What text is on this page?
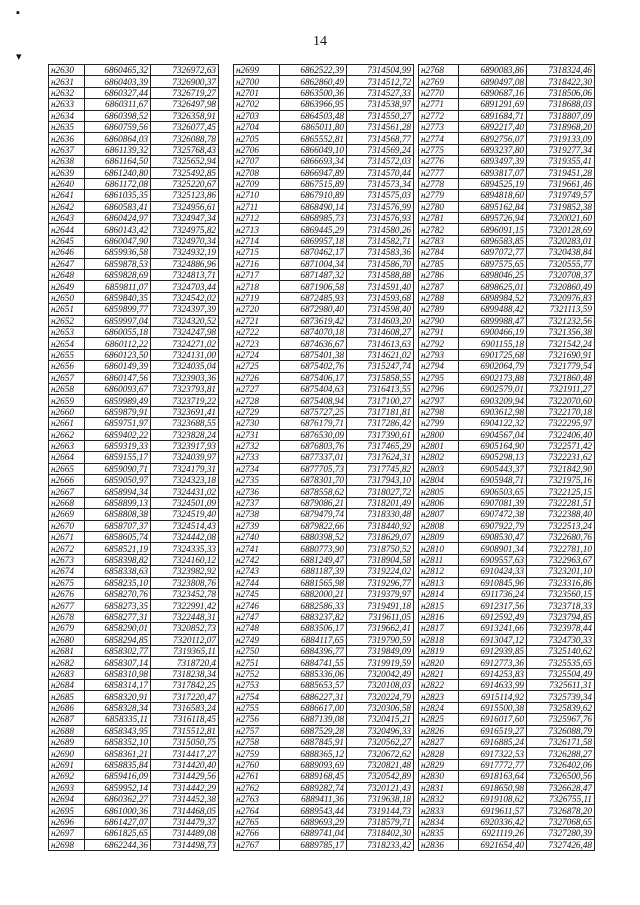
▪
▾
14
н2630	6860465,32	7326972,63
н2631	6860403,39	7326900,37
н2632	6860327,44	7326719,27
н2633	6860311,67	7326497,98
н2634	6860398,52	7326358,91
н2635	6860759,56	7326077,45
н2636	6860864,03	7326088,78
н2637	6861139,32	7325768,43
н2638	6861164,50	7325652,94
н2639	6861240,80	7325492,85
н2640	6861172,08	7325220,67
н2641	6861035,35	7325123,86
н2642	6860583,41	7324956,61
н2643	6860424,97	7324947,34
н2644	6860143,42	7324975,82
н2645	6860047,90	7324970,34
н2646	6859936,58	7324932,19
н2647	6859878,53	7324886,96
н2648	6859828,69	7324813,71
н2649	6859811,07	7324703,44
н2650	6859840,35	7324542,02
н2651	6859899,77	7324397,39
н2652	6859997,04	7324320,52
н2653	6860055,18	7324247,98
н2654	6860112,22	7324271,02
н2655	6860123,50	7324131,00
н2656	6860149,39	7324035,04
н2657	6860147,56	7323903,36
н2658	6860093,67	7323793,81
н2659	6859989,49	7323719,22
н2660	6859879,91	7323691,41
н2661	6859751,97	7323688,55
н2662	6859402,22	7323828,24
н2663	6859319,33	7323917,93
н2664	6859155,17	7324039,97
н2665	6859090,71	7324179,31
н2666	6859050,97	7324323,18
н2667	6858994,34	7324431,02
н2668	6858899,13	7324501,09
н2669	6858808,38	7324519,40
н2670	6858707,37	7324514,43
н2671	6858605,74	7324442,08
н2672	6858521,19	7324335,33
н2673	6858398,82	7324160,12
н2674	6858338,63	7323982,92
н2675	6858235,10	7323808,76
н2676	6858270,76	7323452,78
н2677	6858273,35	7322991,42
н2678	6858277,31	7322448,31
н2679	6858290,01	7320852,73
н2680	6858294,85	7320112,07
н2681	6858302,77	7319365,11
н2682	6858307,14	7318720,4
н2683	6858310,98	7318238,34
н2684	6858314,17	7317842,25
н2685	6858320,91	7317220,47
н2686	6858328,34	7316583,24
н2687	6858335,11	7316118,45
н2688	6858343,95	7315512,81
н2689	6858352,10	7315050,75
н2690	6858361,21	7314417,27
н2691	6858835,84	7314420,40
н2692	6859416,09	7314429,56
н2693	6859952,14	7314442,29
н2694	6860362,27	7314452,38
н2695	6861000,36	7314468,05
н2696	6861427,07	7314479,37
н2697	6861825,65	7314489,08
н2698	6862244,36	7314498,73
н2699	6862522,39	7314504,99
н2700	6862860,49	7314512,72
н2701	6863500,36	7314527,33
н2702	6863966,95	7314538,97
н2703	6864503,48	7314550,27
н2704	6865011,80	7314561,28
н2705	6865552,81	7314568,77
н2706	6866049,10	7314569,24
н2707	6866693,34	7314572,03
н2708	6866947,89	7314570,44
н2709	6867515,89	7314573,34
н2710	6867910,89	7314575,03
н2711	6868490,14	7314576,99
н2712	6868985,73	7314576,93
н2713	6869445,29	7314580,26
н2714	6869957,18	7314582,71
н2715	6870462,17	7314583,36
н2716	6871004,34	7314586,70
н2717	6871487,32	7314588,88
н2718	6871906,58	7314591,40
н2719	6872485,93	7314593,68
н2720	6872980,40	7314598,40
н2721	6873619,42	7314603,20
н2722	6874070,18	7314608,27
н2723	6874636,67	7314613,63
н2724	6875401,38	7314621,02
н2725	6875402,76	7315247,74
н2726	6875406,17	7315858,55
н2727	6875404,63	7316413,55
н2728	6875408,94	7317100,27
н2729	6875727,25	7317181,81
н2730	6876179,71	7317286,42
н2731	6876530,09	7317390,61
н2732	6876803,76	7317465,29
н2733	6877337,01	7317624,31
н2734	6877705,73	7317745,82
н2735	6878301,70	7317943,10
н2736	6878558,62	7318027,72
н2737	6879086,21	7318201,49
н2738	6879479,74	7318330,48
н2739	6879822,66	7318440,92
н2740	6880398,52	7318629,07
н2741	6880773,90	7318750,52
н2742	6881249,47	7318904,58
н2743	6881187,39	7319224,02
н2744	6881565,98	7319296,77
н2745	6882000,21	7319379,97
н2746	6882586,33	7319491,18
н2747	6883237,82	7319611,05
н2748	6883506,17	7319662,41
н2749	6884117,65	7319790,59
н2750	6884396,77	7319849,09
н2751	6884741,55	7319919,59
н2752	6885336,06	7320042,49
н2753	6885653,57	7320108,03
н2754	6886227,31	7320224,79
н2755	6886617,00	7320306,58
н2756	6887139,08	7320415,21
н2757	6887529,28	7320496,33
н2758	6887845,91	7320562,27
н2759	6888365,12	7320672,62
н2760	6889093,69	7320821,48
н2761	6889168,45	7320542,89
н2762	6889282,74	7320121,43
н2763	6889411,36	7319638,18
н2764	6889543,44	7319144,73
н2765	6889693,29	7318579,71
н2766	6889741,04	7318402,30
н2767	6889785,17	7318233,42
н2768	6890083,86	7318324,46
н2769	6890497,08	7318422,30
н2770	6890687,16	7318506,06
н2771	6891291,69	7318688,03
н2772	6891684,71	7318807,09
н2773	6892217,40	7318968,20
н2774	6892756,07	7319133,09
н2775	6893237,80	7319277,34
н2776	6893497,39	7319355,41
н2777	6893817,07	7319451,28
н2778	6894525,19	7319661,46
н2779	6894818,60	7319749,57
н2780	6895162,84	7319852,38
н2781	6895726,94	7320021,60
н2782	6896091,15	7320128,69
н2783	6896583,85	7320283,01
н2784	6897072,77	7320438,84
н2785	6897575,65	7320555,77
н2786	6898046,25	7320708,37
н2787	6898625,01	7320860,49
н2788	6898984,52	7320976,83
н2789	6899488,42	7321113,59
н2790	6899988,47	7321232,56
н2791	6900466,19	7321356,38
н2792	6901155,18	7321542,24
н2793	6901725,68	7321690,91
н2794	6902064,79	7321779,54
н2795	6902173,88	7321860,48
н2796	6902579,01	7321911,27
н2797	6903209,94	7322070,60
н2798	6903612,98	7322170,18
н2799	6904122,32	7322295,97
н2800	6904567,04	7322406,40
н2801	6905164,90	7322571,42
н2802	6905298,13	7322231,62
н2803	6905443,37	7321842,90
н2804	6905948,71	7321975,16
н2805	6906503,65	7322125,15
н2806	6907081,39	7322281,51
н2807	6907472,38	7322388,40
н2808	6907922,79	7322513,24
н2809	6908530,47	7322680,76
н2810	6908901,34	7322781,10
н2811	6909557,63	7322963,67
н2812	6910424,33	7323201,10
н2813	6910845,96	7323316,86
н2814	6911736,24	7323560,15
н2815	6912317,56	7323718,33
н2816	6912592,49	7323794,85
н2817	6913241,66	7323978,44
н2818	6913047,12	7324730,33
н2819	6912939,85	7325140,62
н2820	6912773,36	7325535,65
н2821	6914253,83	7325504,49
н2822	6914633,99	7325611,31
н2823	6915114,92	7325739,34
н2824	6915500,38	7325839,62
н2825	6916017,60	7325967,76
н2826	6916519,27	7326088,79
н2827	6916885,24	7326171,58
н2828	6917322,53	7326288,27
н2829	6917772,77	7326402,06
н2830	6918163,64	7326500,56
н2831	6918650,98	7326628,47
н2832	6919108,62	7326755,11
н2833	6919611,57	7326878,20
н2834	6920336,42	7327068,65
н2835	6921119,26	7327280,39
н2836	6921654,40	7327426,48
